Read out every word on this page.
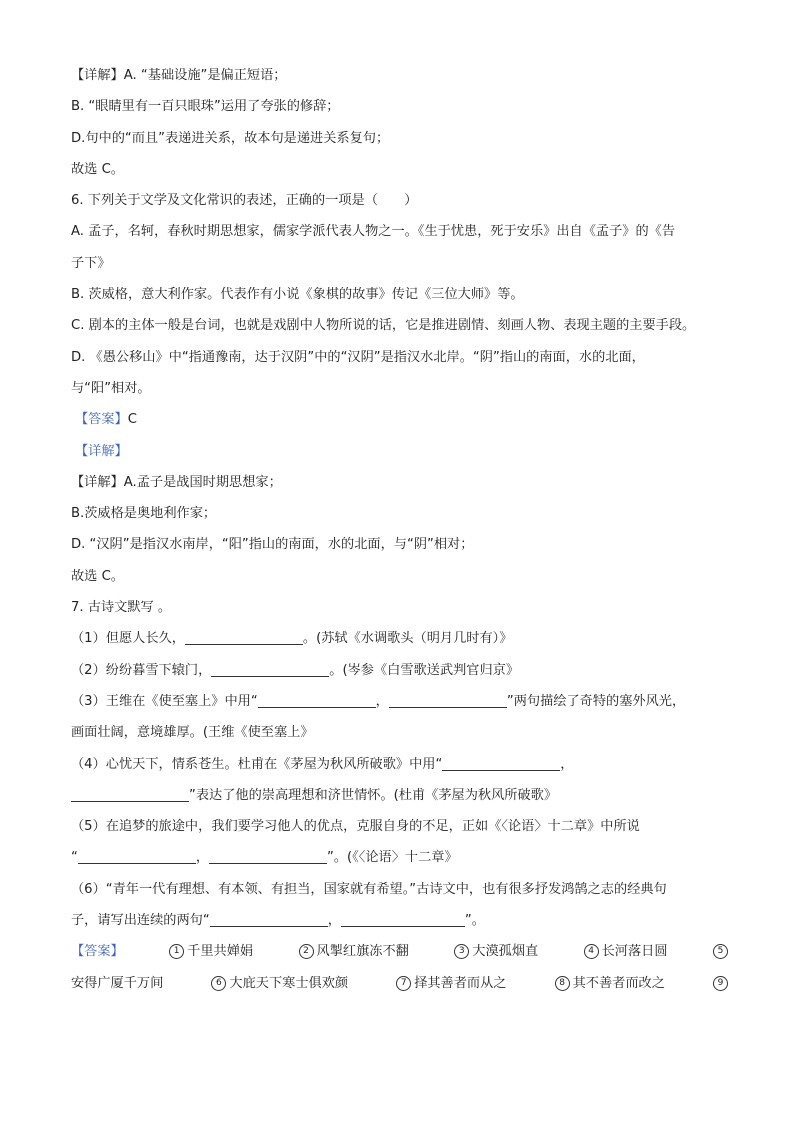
【详解】A. “基础设施”是偏正短语；
B. “眼睛里有一百只眼珠”运用了夸张的修辞；
D.句中的“而且”表递进关系，故本句是递进关系复句；
故选 C。
6. 下列关于文学及文化常识的表述，正确的一项是（　　）
A. 孟子，名轲，春秋时期思想家，儒家学派代表人物之一。《生于忧患，死于安乐》出自《孟子》的《告
子下》
B. 茨威格，意大利作家。代表作有小说《象棋的故事》传记《三位大师》等。
C. 剧本的主体一般是台词，也就是戏剧中人物所说的话，它是推进剧情、刻画人物、表现主题的主要手段。
D. 《愚公移山》中“指通豫南，达于汉阴”中的“汉阴”是指汉水北岸。“阴”指山的南面，水的北面，
与“阳”相对。
【答案】C
【详解】
【详解】A.孟子是战国时期思想家；
B.茨威格是奥地利作家；
D. “汉阴”是指汉水南岸，“阳”指山的南面，水的北面，与“阴”相对；
故选 C。
7. 古诗文默写 。
（1）但愿人长久，	。(苏轼《水调歌头（明月几时有）》
（2）纷纷暮雪下辕门，	。(岑参《白雪歌送武判官归京》
（3）王维在《使至塞上》中用“	，	”两句描绘了奇特的塞外风光，
画面壮阔，意境雄厚。(王维《使至塞上》
（4）心忧天下，情系苍生。杜甫在《茅屋为秋风所破歌》中用“	，
”表达了他的崇高理想和济世情怀。(杜甫《茅屋为秋风所破歌》
（5）在追梦的旅途中，我们要学习他人的优点，克服自身的不足，正如《〈论语〉十二章》中所说
“	，	”。(《〈论语〉十二章》
（6）“青年一代有理想、有本领、有担当，国家就有希望。”古诗文中，也有很多抒发鸿鹄之志的经典句
子，请写出连续的两句“	，	”。
【答案】	1 千里共婵娟	2 风掣红旗冻不翻	3 大漠孤烟直	4 长河落日圆	5
安得广厦千万间	6 大庇天下寒士俱欢颜	7 择其善者而从之	8 其不善者而改之	9
